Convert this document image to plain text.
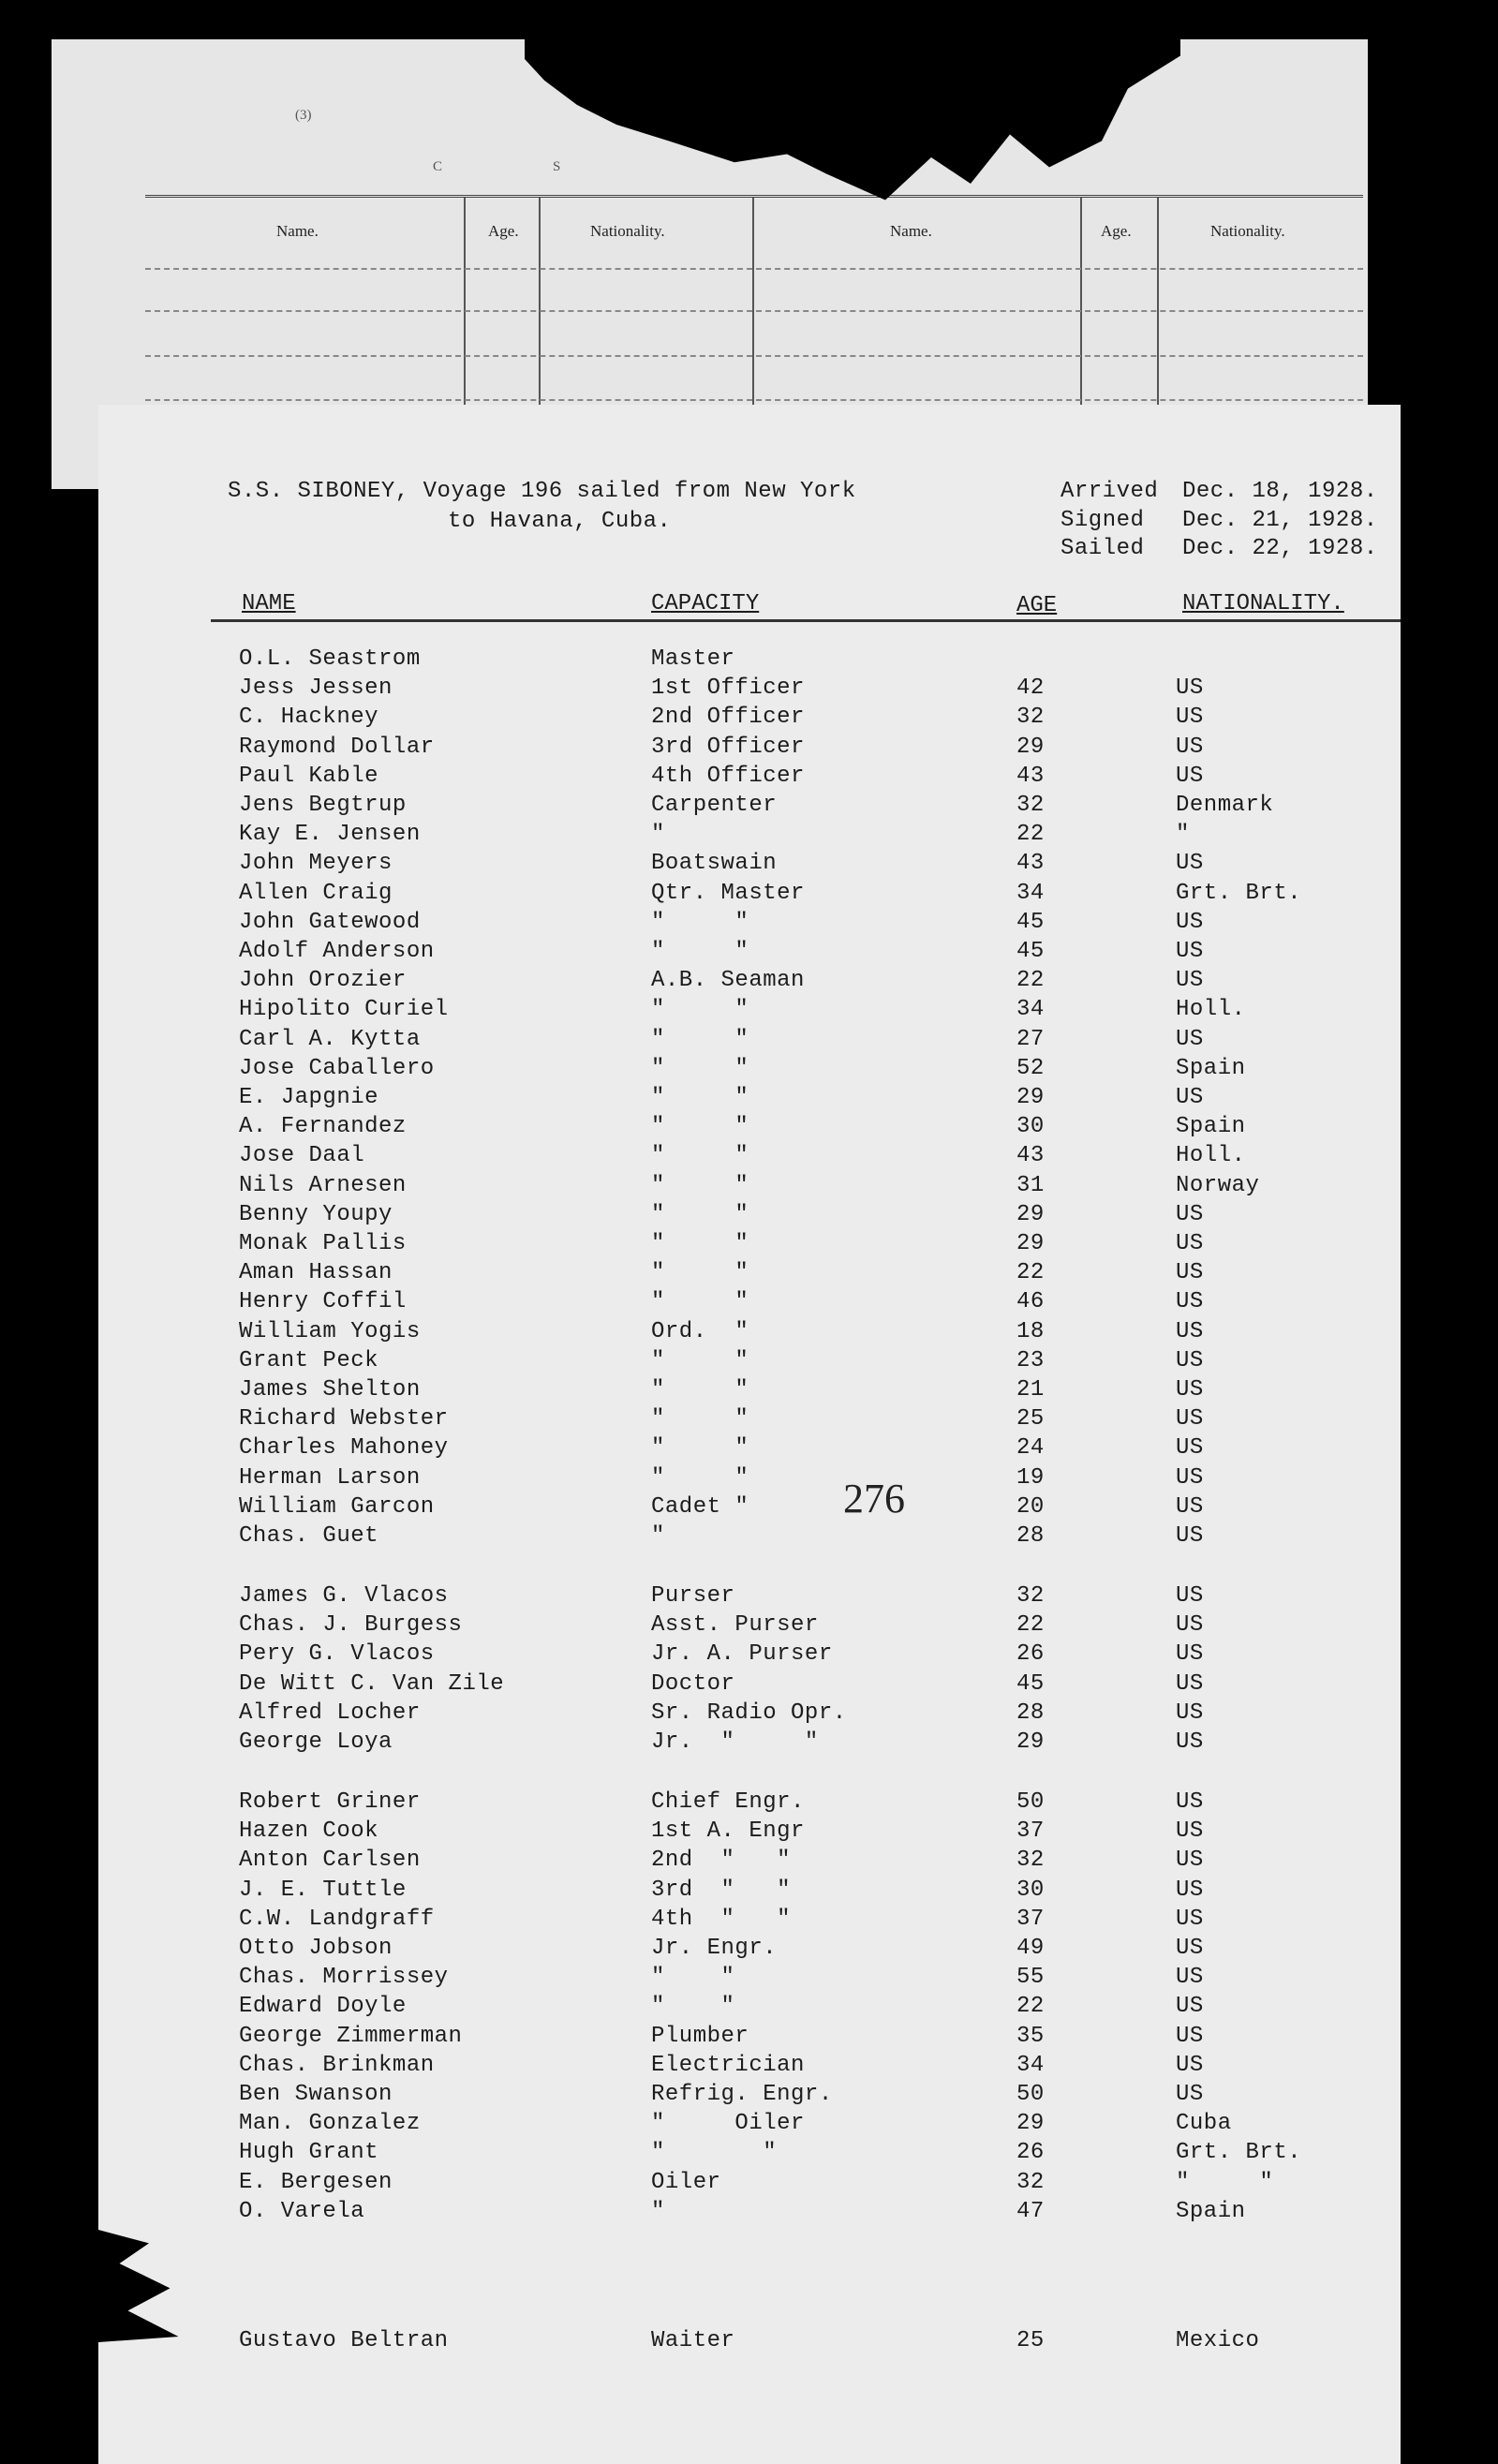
(3)
C	S
Name.	Age.	Nationality.	Name.	Age.	Nationality.
S.S. SIBONEY, Voyage 196 sailed from New York
to Havana, Cuba.
Arrived Dec. 18, 1928.
Signed Dec. 21, 1928.
Sailed Dec. 22, 1928.
NAME	CAPACITY	AGE	NATIONALITY.
O.L. Seastrom	Master
Jess Jessen	1st Officer	42	US
C. Hackney	2nd Officer	32	US
Raymond Dollar	3rd Officer	29	US
Paul Kable	4th Officer	43	US
Jens Begtrup	Carpenter	32	Denmark
Kay E. Jensen	"	22	"
John Meyers	Boatswain	43	US
Allen Craig	Qtr. Master	34	Grt. Brt.
John Gatewood	"     "	45	US
Adolf Anderson	"     "	45	US
John Orozier	A.B. Seaman	22	US
Hipolito Curiel	"     "	34	Holl.
Carl A. Kytta	"     "	27	US
Jose Caballero	"     "	52	Spain
E. Japgnie	"     "	29	US
A. Fernandez	"     "	30	Spain
Jose Daal	"     "	43	Holl.
Nils Arnesen	"     "	31	Norway
Benny Youpy	"     "	29	US
Monak Pallis	"     "	29	US
Aman Hassan	"     "	22	US
Henry Coffil	"     "	46	US
William Yogis	Ord.  "	18	US
Grant Peck	"     "	23	US
James Shelton	"     "	21	US
Richard Webster	"     "	25	US
Charles Mahoney	"     "	24	US
Herman Larson	"     "	19	US
William Garcon	Cadet "	20	US
Chas. Guet	"	28	US
James G. Vlacos	Purser	32	US
Chas. J. Burgess	Asst. Purser	22	US
Pery G. Vlacos	Jr. A. Purser	26	US
De Witt C. Van Zile	Doctor	45	US
Alfred Locher	Sr. Radio Opr.	28	US
George Loya	Jr.  "     "	29	US
Robert Griner	Chief Engr.	50	US
Hazen Cook	1st A. Engr	37	US
Anton Carlsen	2nd  "   "	32	US
J. E. Tuttle	3rd  "   "	30	US
C.W. Landgraff	4th  "   "	37	US
Otto Jobson	Jr. Engr.	49	US
Chas. Morrissey	"    "	55	US
Edward Doyle	"    "	22	US
George Zimmerman	Plumber	35	US
Chas. Brinkman	Electrician	34	US
Ben Swanson	Refrig. Engr.	50	US
Man. Gonzalez	"     Oiler	29	Cuba
Hugh Grant	"       "	26	Grt. Brt.
E. Bergesen	Oiler	32	"     "
O. Varela	"	47	Spain
Gustavo Beltran	Waiter	25	Mexico
276
